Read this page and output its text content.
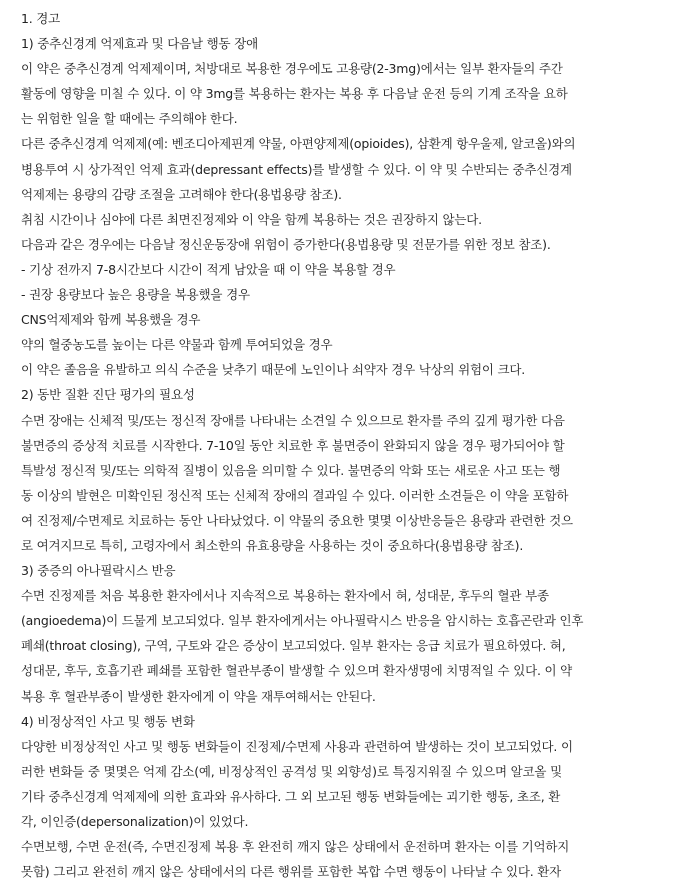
1. 경고
1) 중추신경계 억제효과 및 다음날 행동 장애
이 약은 중추신경계 억제제이며, 처방대로 복용한 경우에도 고용량(2-3mg)에서는 일부 환자들의 주간
활동에 영향을 미칠 수 있다. 이 약 3mg를 복용하는 환자는 복용 후 다음날 운전 등의 기계 조작을 요하
는 위험한 일을 할 때에는 주의해야 한다.
다른 중추신경계 억제제(예: 벤조디아제핀계 약물, 아편양제제(opioides), 삼환계 항우울제, 알코올)와의
병용투여 시 상가적인 억제 효과(depressant effects)를 발생할 수 있다. 이 약 및 수반되는 중추신경계
억제제는 용량의 감량 조절을 고려해야 한다(용법용량 참조).
취침 시간이나 심야에 다른 최면진정제와 이 약을 함께 복용하는 것은 권장하지 않는다.
다음과 같은 경우에는 다음날 정신운동장애 위험이 증가한다(용법용량 및 전문가를 위한 정보 참조).
- 기상 전까지 7-8시간보다 시간이 적게 남았을 때 이 약을 복용할 경우
- 권장 용량보다 높은 용량을 복용했을 경우
CNS억제제와 함께 복용했을 경우
약의 혈중농도를 높이는 다른 약물과 함께 투여되었을 경우
이 약은 졸음을 유발하고 의식 수준을 낮추기 때문에 노인이나 쇠약자 경우 낙상의 위험이 크다.
2) 동반 질환 진단 평가의 필요성
수면 장애는 신체적 및/또는 정신적 장애를 나타내는 소견일 수 있으므로 환자를 주의 깊게 평가한 다음
불면증의 증상적 치료를 시작한다. 7-10일 동안 치료한 후 불면증이 완화되지 않을 경우 평가되어야 할
특발성 정신적 및/또는 의학적 질병이 있음을 의미할 수 있다. 불면증의 악화 또는 새로운 사고 또는 행
동 이상의 발현은 미확인된 정신적 또는 신체적 장애의 결과일 수 있다. 이러한 소견들은 이 약을 포함하
여 진정제/수면제로 치료하는 동안 나타났었다. 이 약물의 중요한 몇몇 이상반응들은 용량과 관련한 것으
로 여겨지므로 특히, 고령자에서 최소한의 유효용량을 사용하는 것이 중요하다(용법용량 참조).
3) 중증의 아나필락시스 반응
수면 진정제를 처음 복용한 환자에서나 지속적으로 복용하는 환자에서 혀, 성대문, 후두의 혈관 부종
(angioedema)이 드물게 보고되었다. 일부 환자에게서는 아나필락시스 반응을 암시하는 호흡곤란과 인후
폐쇄(throat closing), 구역, 구토와 같은 증상이 보고되었다. 일부 환자는 응급 치료가 필요하였다. 혀,
성대문, 후두, 호흡기관 폐쇄를 포함한 혈관부종이 발생할 수 있으며 환자생명에 치명적일 수 있다. 이 약
복용 후 혈관부종이 발생한 환자에게 이 약을 재투여해서는 안된다.
4) 비정상적인 사고 및 행동 변화
다양한 비정상적인 사고 및 행동 변화들이 진정제/수면제 사용과 관련하여 발생하는 것이 보고되었다. 이
러한 변화들 중 몇몇은 억제 감소(예, 비정상적인 공격성 및 외향성)로 특징지워질 수 있으며 알코올 및
기타 중추신경계 억제제에 의한 효과와 유사하다. 그 외 보고된 행동 변화들에는 괴기한 행동, 초조, 환
각, 이인증(depersonalization)이 있었다.
수면보행, 수면 운전(즉, 수면진정제 복용 후 완전히 깨지 않은 상태에서 운전하며 환자는 이를 기억하지
못함) 그리고 완전히 깨지 않은 상태에서의 다른 행위를 포함한 복합 수면 행동이 나타날 수 있다. 환자
